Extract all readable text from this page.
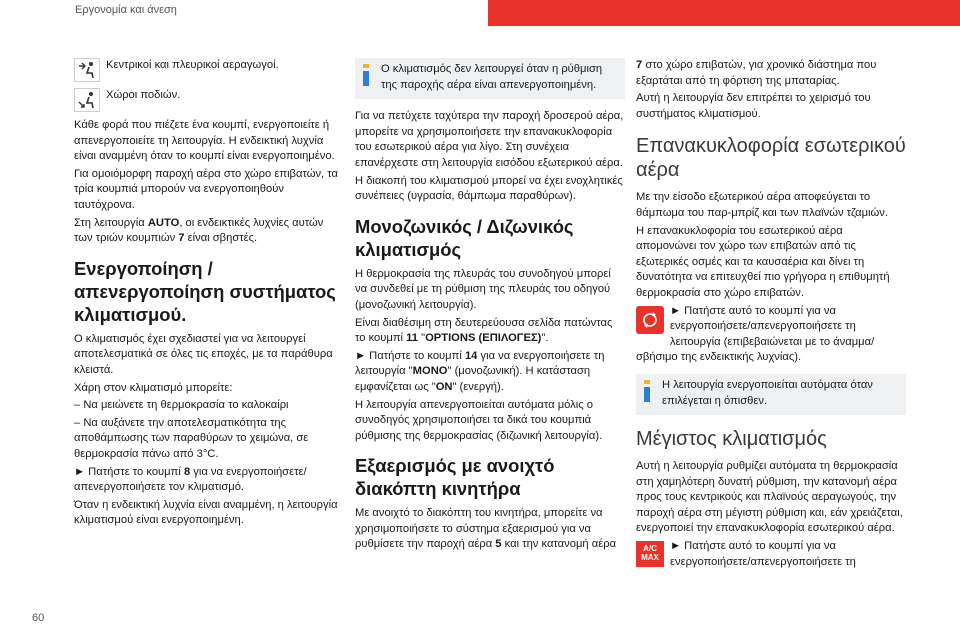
Εργονομία και άνεση
Κεντρικοί και πλευρικοί αεραγωγοί.
Χώροι ποδιών.

Κάθε φορά που πιέζετε ένα κουμπί, ενεργοποιείτε ή απενεργοποιείτε τη λειτουργία. Η ενδεικτική λυχνία είναι αναμμένη όταν το κουμπί είναι ενεργοποιημένο.

Για ομοιόμορφη παροχή αέρα στο χώρο επιβατών, τα τρία κουμπιά μπορούν να ενεργοποιηθούν ταυτόχρονα.

Στη λειτουργία AUTO, οι ενδεικτικές λυχνίες αυτών των τριών κουμπιών 7 είναι σβηστές.

Ενεργοποίηση / απενεργοποίηση συστήματος κλιματισμού.

Ο κλιματισμός έχει σχεδιαστεί για να λειτουργεί αποτελεσματικά σε όλες τις εποχές, με τα παράθυρα κλειστά.

Χάρη στον κλιματισμό μπορείτε:

– Να μειώνετε τη θερμοκρασία το καλοκαίρι

– Να αυξάνετε την αποτελεσματικότητα της αποθάμπωσης των παραθύρων το χειμώνα, σε θερμοκρασία πάνω από 3°C.

► Πατήστε το κουμπί 8 για να ενεργοποιήσετε/ απενεργοποιήσετε τον κλιματισμό.

Όταν η ενδεικτική λυχνία είναι αναμμένη, η λειτουργία κλιματισμού είναι ενεργοποιημένη.

Ο κλιματισμός δεν λειτουργεί όταν η ρύθμιση της παροχής αέρα είναι απενεργοποιημένη.

Για να πετύχετε ταχύτερα την παροχή δροσερού αέρα, μπορείτε να χρησιμοποιήσετε την επανακυκλοφορία του εσωτερικού αέρα για λίγο. Στη συνέχεια επανέρχεστε στη λειτουργία εισόδου εξωτερικού αέρα.

Η διακοπή του κλιματισμού μπορεί να έχει ενοχλητικές συνέπειες (υγρασία, θάμπωμα παραθύρων).

Μονοζωνικός / Διζωνικός κλιματισμός

Η θερμοκρασία της πλευράς του συνοδηγού μπορεί να συνδεθεί με τη ρύθμιση της πλευράς του οδηγού (μονοζωνική λειτουργία).

Είναι διαθέσιμη στη δευτερεύουσα σελίδα πατώντας το κουμπί 11 "OPTIONS (ΕΠΙΛΟΓΕΣ)".

► Πατήστε το κουμπί 14 για να ενεργοποιήσετε τη λειτουργία "MONO" (μονοζωνική). Η κατάσταση εμφανίζεται ως "ON" (ενεργή).

Η λειτουργία απενεργοποιείται αυτόματα μόλις ο συνοδηγός χρησιμοποιήσει τα δικά του κουμπιά ρύθμισης της θερμοκρασίας (διζωνική λειτουργία).

Εξαερισμός με ανοιχτό διακόπτη κινητήρα

Με ανοιχτό το διακόπτη του κινητήρα, μπορείτε να χρησιμοποιήσετε το σύστημα εξαερισμού για να ρυθμίσετε την παροχή αέρα 5 και την κατανομή αέρα

7 στο χώρο επιβατών, για χρονικό διάστημα που εξαρτάται από τη φόρτιση της μπαταρίας.

Αυτή η λειτουργία δεν επιτρέπει το χειρισμό του συστήματος κλιματισμού.

Επανακυκλοφορία εσωτερικού αέρα

Με την είσοδο εξωτερικού αέρα αποφεύγεται το θάμπωμα του παρ-μπρίζ και των πλαϊνών τζαμιών.

Η επανακυκλοφορία του εσωτερικού αέρα απομονώνει τον χώρο των επιβατών από τις εξωτερικές οσμές και τα καυσαέρια και δίνει τη δυνατότητα να επιτευχθεί πιο γρήγορα η επιθυμητή θερμοκρασία στο χώρο επιβατών.

► Πατήστε αυτό το κουμπί για να ενεργοποιήσετε/απενεργοποιήσετε τη λειτουργία (επιβεβαιώνεται με το άναμμα/σβήσιμο της ενδεικτικής λυχνίας).

Η λειτουργία ενεργοποιείται αυτόματα όταν επιλέγεται η όπισθεν.

Μέγιστος κλιματισμός

Αυτή η λειτουργία ρυθμίζει αυτόματα τη θερμοκρασία στη χαμηλότερη δυνατή ρύθμιση, την κατανομή αέρα προς τους κεντρικούς και πλαϊνούς αεραγωγούς, την παροχή αέρα στη μέγιστη ρύθμιση και, εάν χρειάζεται, ενεργοποιεί την επανακυκλοφορία εσωτερικού αέρα.

A/C
MAX
► Πατήστε αυτό το κουμπί για να ενεργοποιήσετε/απενεργοποιήσετε τη

60
